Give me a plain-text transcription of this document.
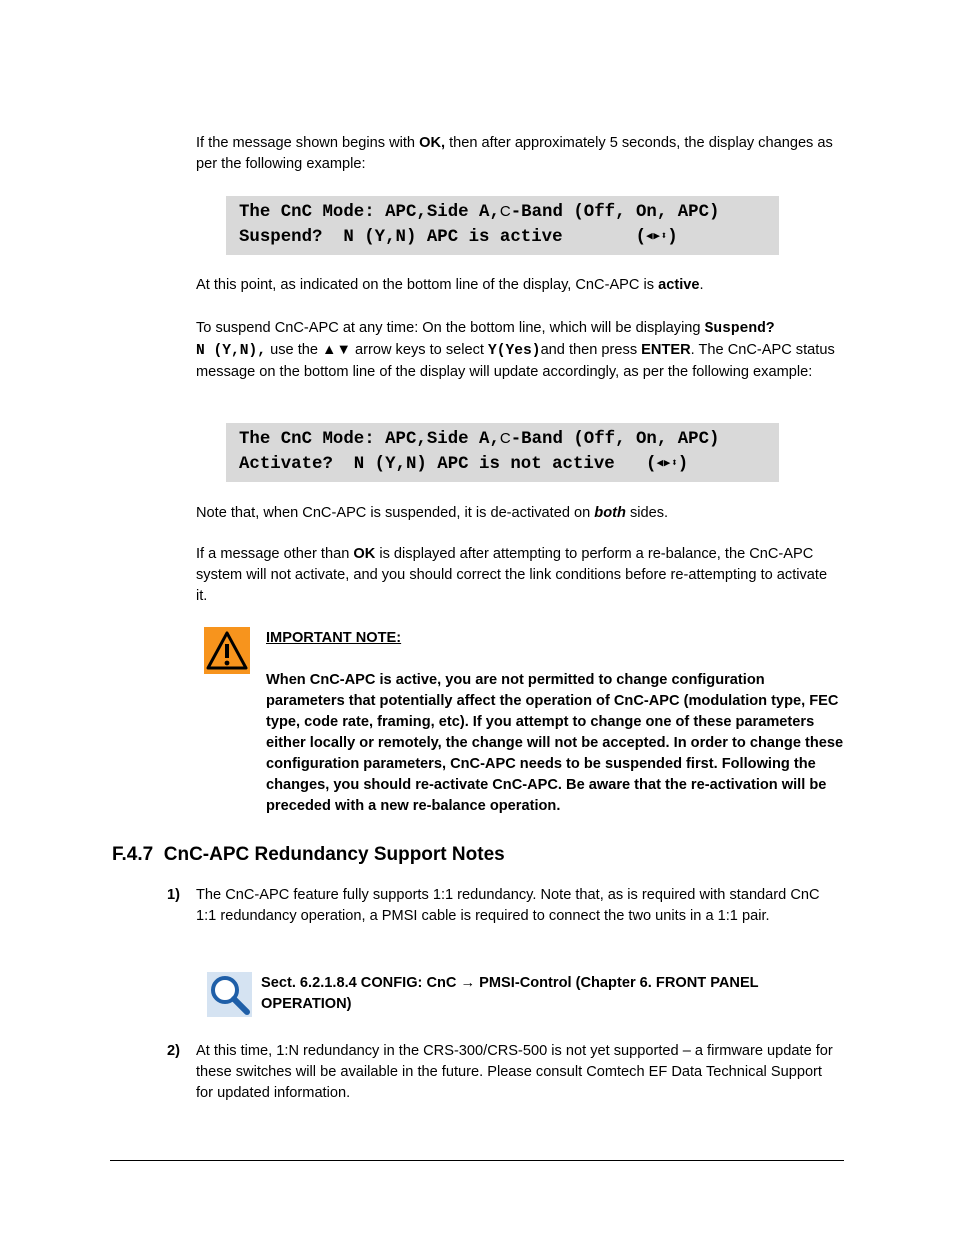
If the message shown begins with OK, then after approximately 5 seconds, the display changes as per the following example:
The CnC Mode: APC,Side A,C-Band (Off, On, APC)
Suspend?  N (Y,N) APC is active       (◀ ▶ ⬍)
At this point, as indicated on the bottom line of the display, CnC-APC is active.
To suspend CnC-APC at any time: On the bottom line, which will be displaying Suspend?
N (Y,N), use the ▲▼ arrow keys to select Y(Yes)and then press ENTER. The CnC-APC status message on the bottom line of the display will update accordingly, as per the following example:
The CnC Mode: APC,Side A,C-Band (Off, On, APC)
Activate?  N (Y,N) APC is not active   (◀ ▶ ⬍)
Note that, when CnC-APC is suspended, it is de-activated on both sides.
If a message other than OK is displayed after attempting to perform a re-balance, the CnC-APC system will not activate, and you should correct the link conditions before re-attempting to activate it.
IMPORTANT NOTE:
When CnC-APC is active, you are not permitted to change configuration parameters that potentially affect the operation of CnC-APC (modulation type, FEC type, code rate, framing, etc). If you attempt to change one of these parameters either locally or remotely, the change will not be accepted. In order to change these configuration parameters, CnC-APC needs to be suspended first. Following the changes, you should re-activate CnC-APC. Be aware that the re-activation will be preceded with a new re-balance operation.
F.4.7  CnC-APC Redundancy Support Notes
1) The CnC-APC feature fully supports 1:1 redundancy. Note that, as is required with standard CnC 1:1 redundancy operation, a PMSI cable is required to connect the two units in a 1:1 pair.
Sect. 6.2.1.8.4 CONFIG: CnC → PMSI-Control (Chapter 6. FRONT PANEL OPERATION)
2) At this time, 1:N redundancy in the CRS-300/CRS-500 is not yet supported – a firmware update for these switches will be available in the future. Please consult Comtech EF Data Technical Support for updated information.
